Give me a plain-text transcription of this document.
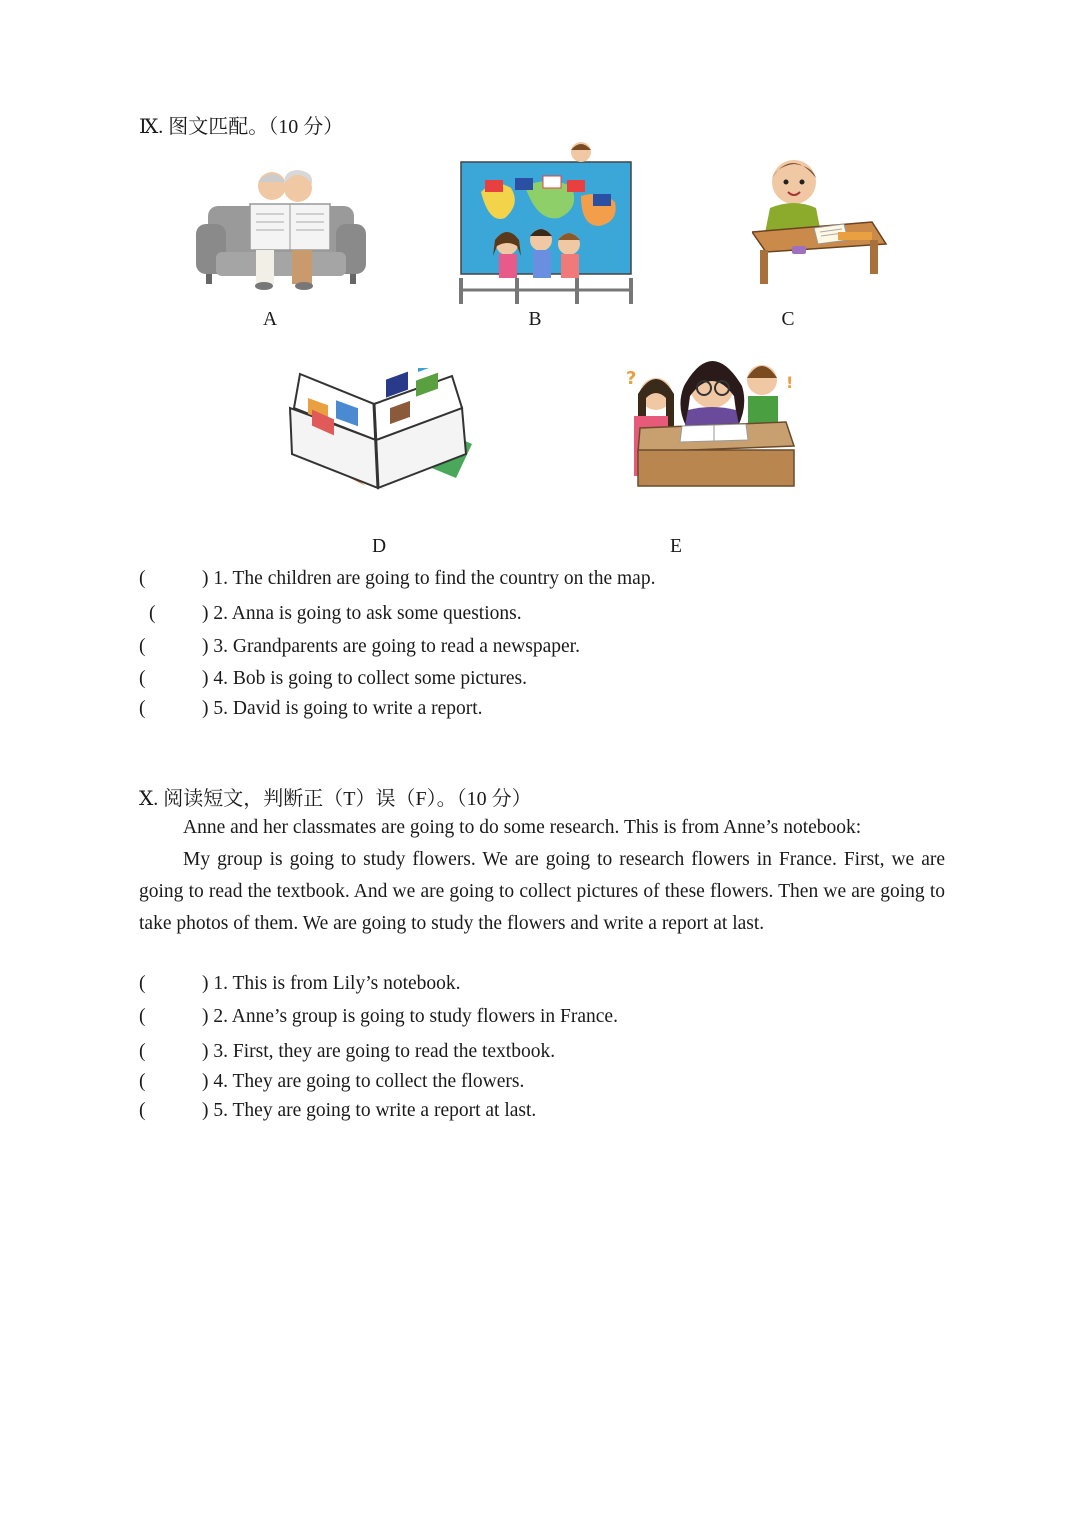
Ⅸ. 图文匹配。（10 分）
A	B	C
D
?	!
E
(	) 1. The children are going to find the country on the map.
(	) 2. Anna is going to ask some questions.
(	) 3. Grandparents are going to read a newspaper.
(	) 4. Bob is going to collect some pictures.
(	) 5. David is going to write a report.
Ⅹ. 阅读短文，判断正（T）误（F）。（10 分）

Anne and her classmates are going to do some research. This is from Anne’s notebook:

My group is going to study flowers. We are going to research flowers in France. First, we are going to read the textbook. And we are going to collect pictures of these flowers. Then we are going to take photos of them. We are going to study the flowers and write a report at last.

(	) 1. This is from Lily’s notebook.
(	) 2. Anne’s group is going to study flowers in France.
(	) 3. First, they are going to read the textbook.
(	) 4. They are going to collect the flowers.
(	) 5. They are going to write a report at last.
